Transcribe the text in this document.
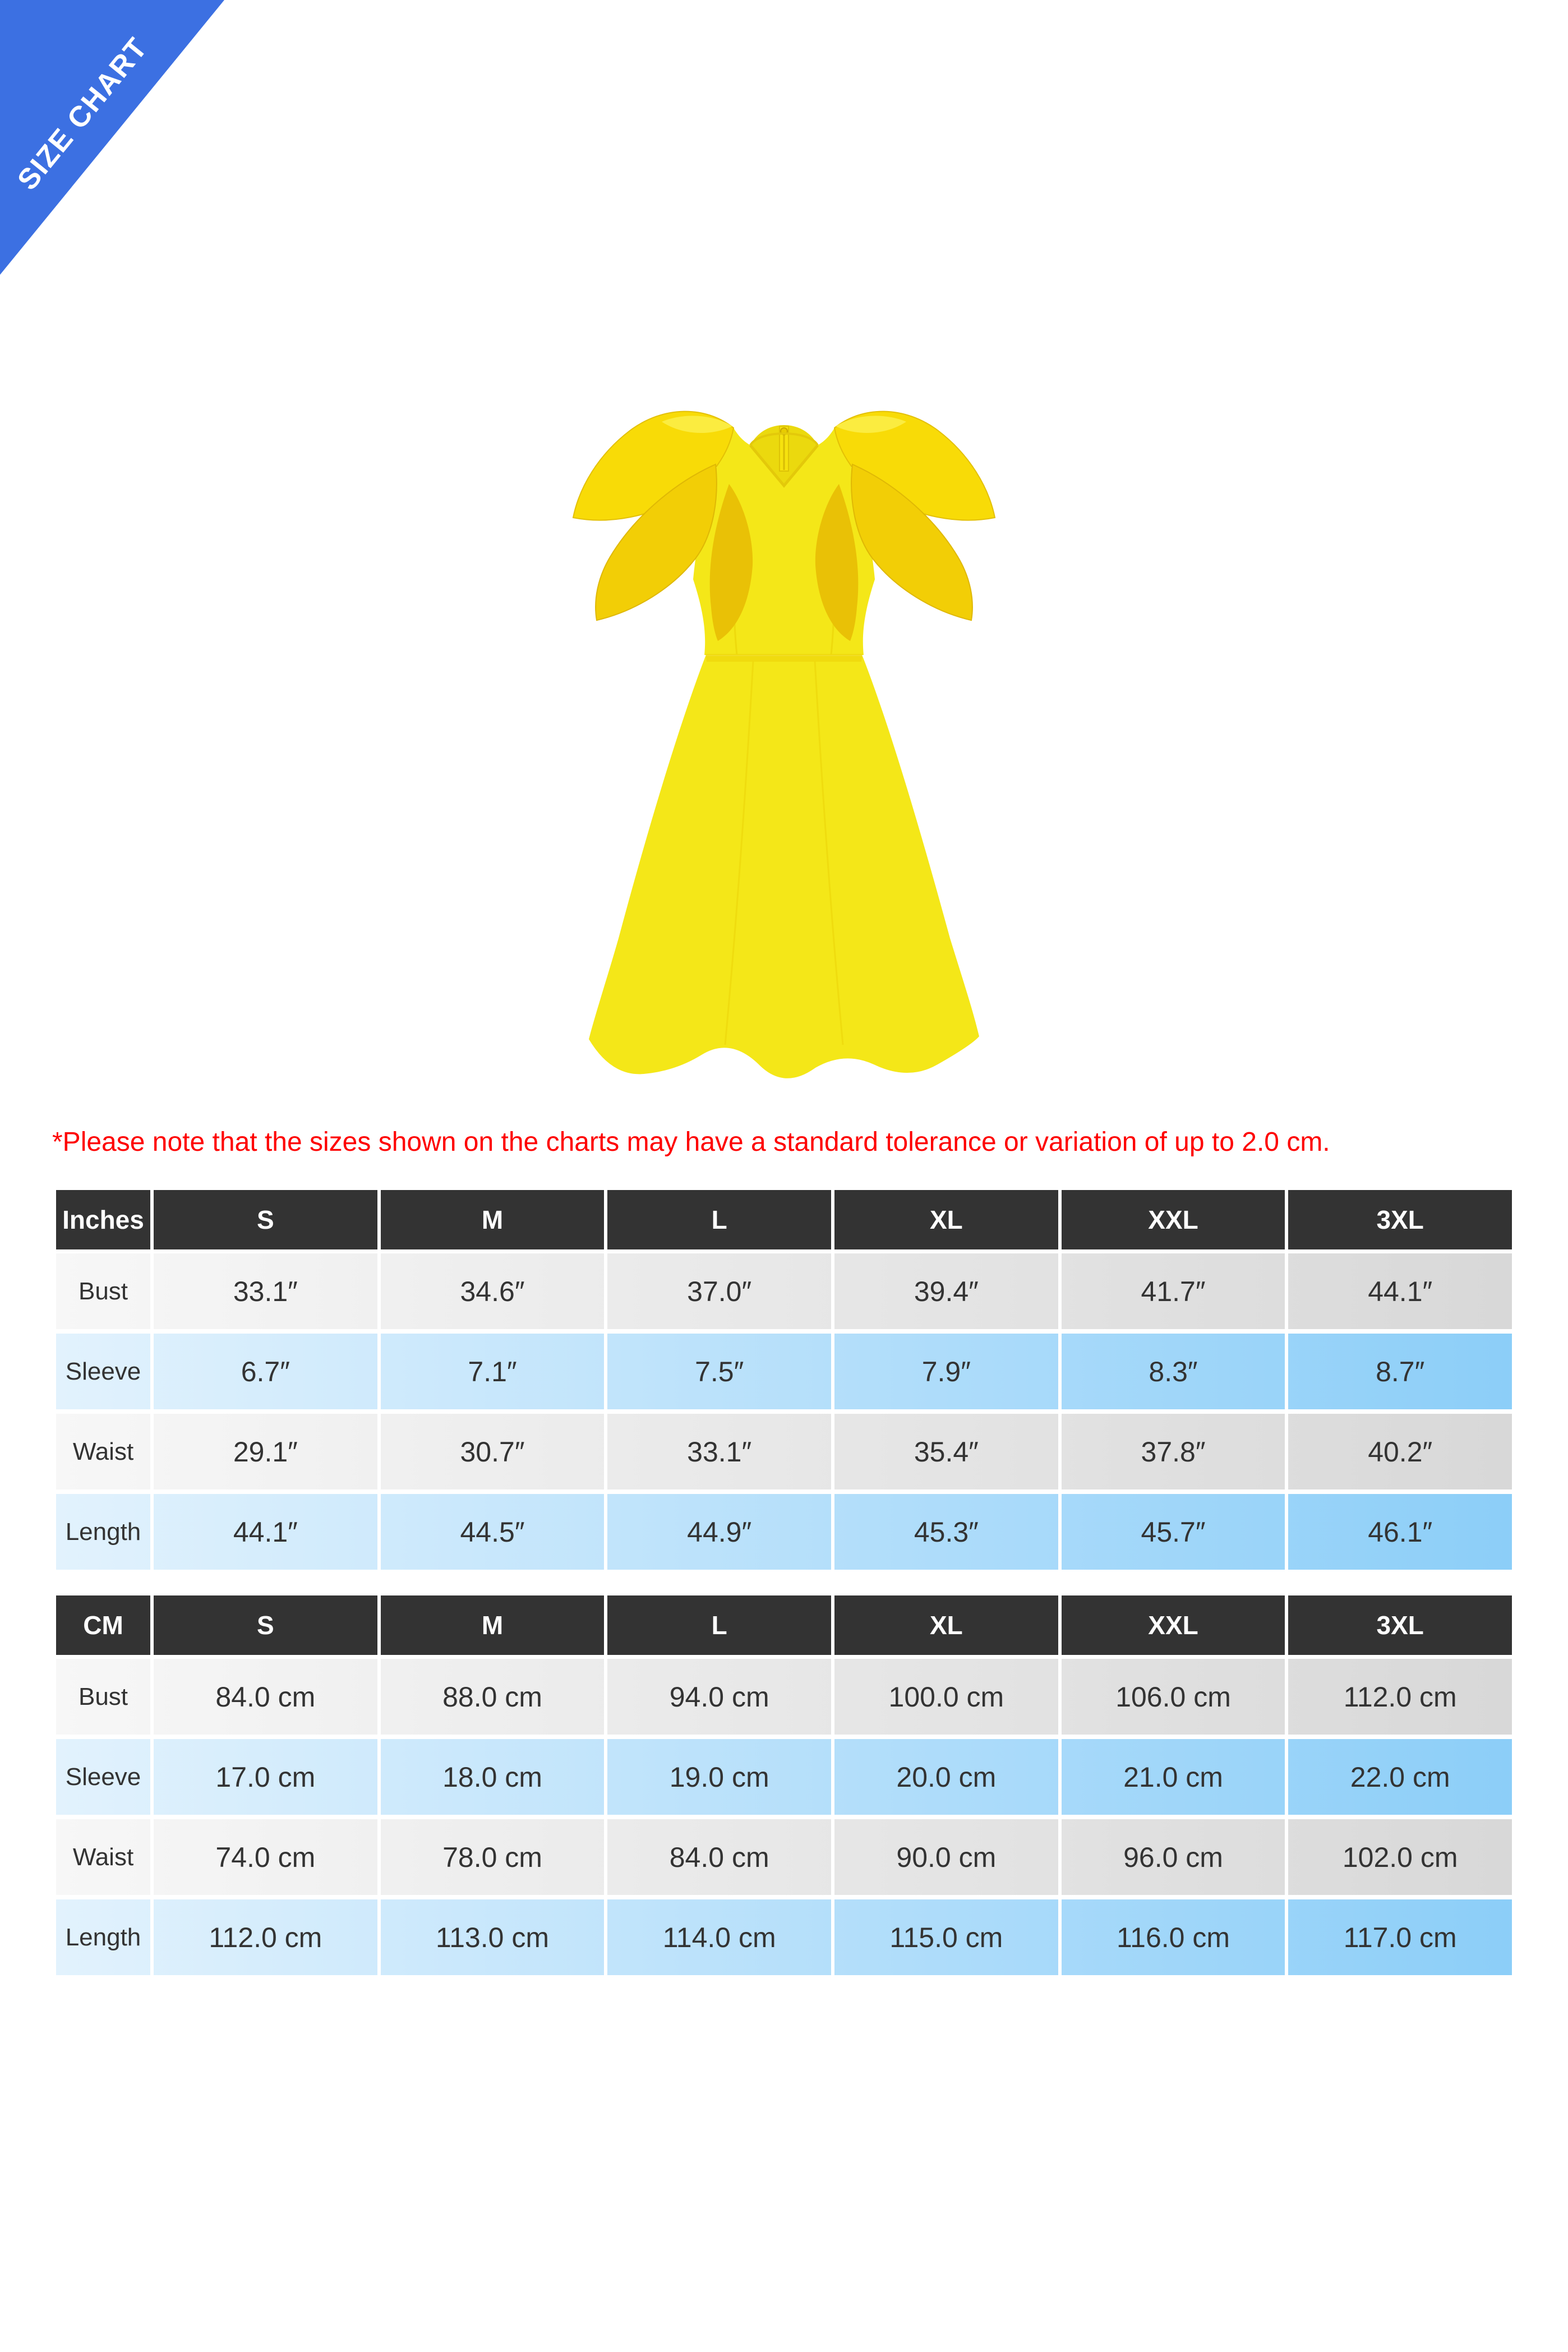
SIZE CHART
*Please note that the sizes shown on the charts may have a standard tolerance or variation of up to 2.0 cm.
Inches	S	M	L	XL	XXL	3XL
Bust	33.1″	34.6″	37.0″	39.4″	41.7″	44.1″
Sleeve	6.7″	7.1″	7.5″	7.9″	8.3″	8.7″
Waist	29.1″	30.7″	33.1″	35.4″	37.8″	40.2″
Length	44.1″	44.5″	44.9″	45.3″	45.7″	46.1″
CM	S	M	L	XL	XXL	3XL
Bust	84.0 cm	88.0 cm	94.0 cm	100.0 cm	106.0 cm	112.0 cm
Sleeve	17.0 cm	18.0 cm	19.0 cm	20.0 cm	21.0 cm	22.0 cm
Waist	74.0 cm	78.0 cm	84.0 cm	90.0 cm	96.0 cm	102.0 cm
Length	112.0 cm	113.0 cm	114.0 cm	115.0 cm	116.0 cm	117.0 cm
